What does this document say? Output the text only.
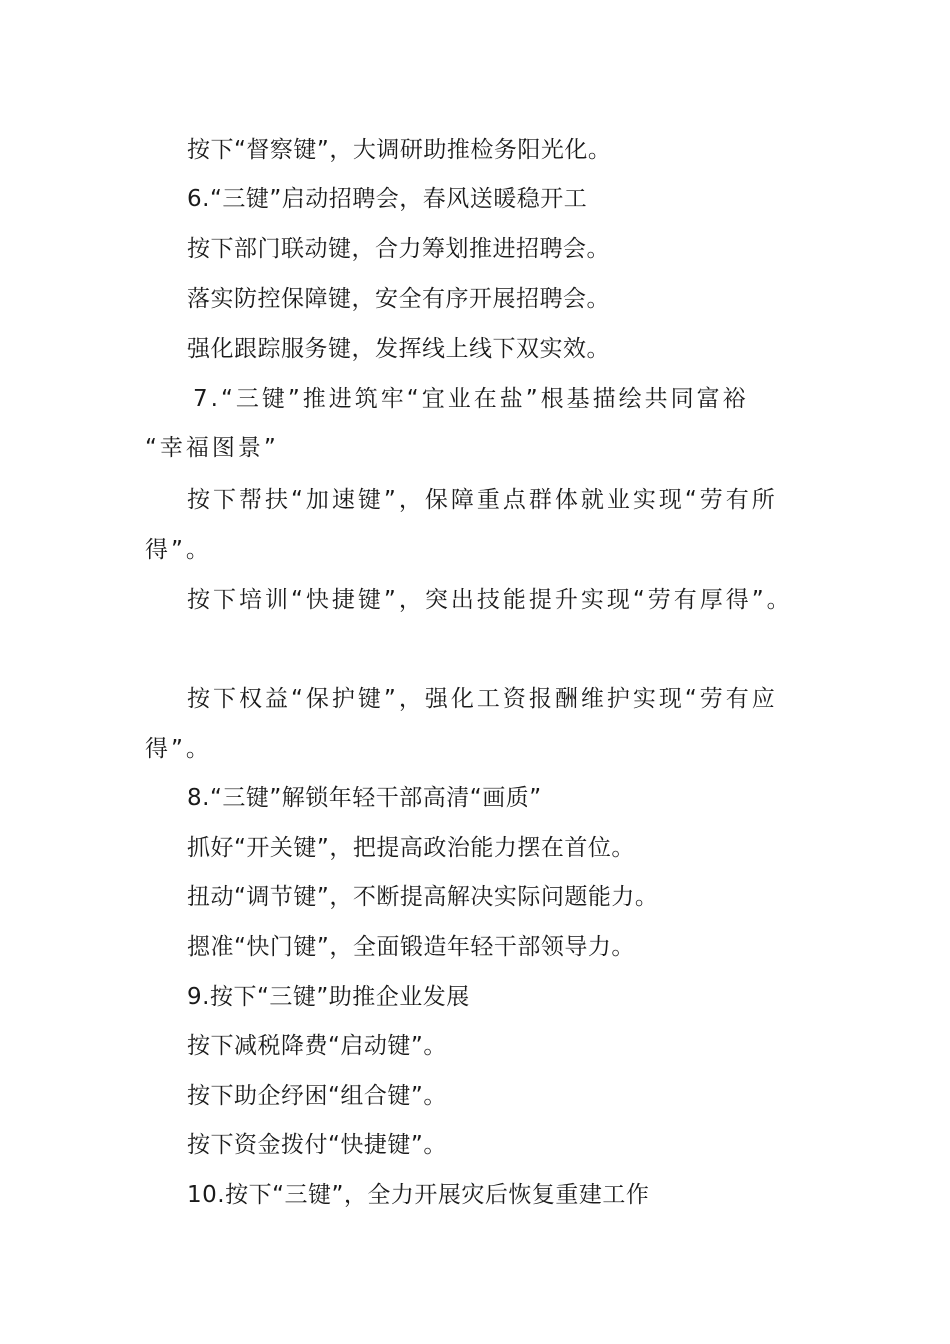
按下“督察键”，大调研助推检务阳光化。
6.“三键”启动招聘会，春风送暖稳开工
按下部门联动键，合力筹划推进招聘会。
落实防控保障键，安全有序开展招聘会。
强化跟踪服务键，发挥线上线下双实效。
7.“三键”推进筑牢“宜业在盐”根基描绘共同富裕
“幸福图景”
按下帮扶“加速键”，保障重点群体就业实现“劳有所
得”。
按下培训“快捷键”，突出技能提升实现“劳有厚得”。
按下权益“保护键”，强化工资报酬维护实现“劳有应
得”。
8.“三键”解锁年轻干部高清“画质”
抓好“开关键”，把提高政治能力摆在首位。
扭动“调节键”，不断提高解决实际问题能力。
摁准“快门键”，全面锻造年轻干部领导力。
9.按下“三键”助推企业发展
按下减税降费“启动键”。
按下助企纾困“组合键”。
按下资金拨付“快捷键”。
10.按下“三键”，全力开展灾后恢复重建工作
